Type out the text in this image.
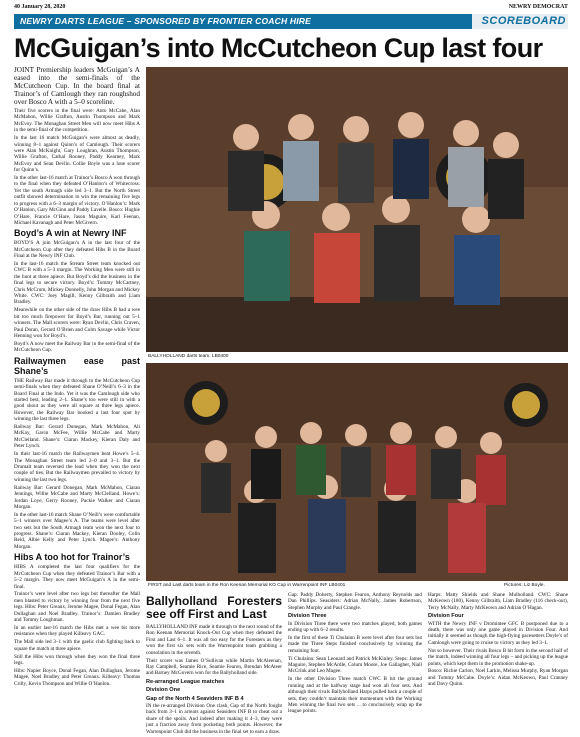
40 January 28, 2020	NEWRY DEMOCRAT
NEWRY DARTS LEAGUE – SPONSORED BY FRONTIER COACH HIRE	SCOREBOARD
McGuigan’s into McCutcheon Cup last four

JOINT Premiership leaders McGuigan’s A eased into the semi-finals of the McCutcheon Cup. In the board final at Trainor’s of Camlough they ran roughshod over Bosco A with a 5–0 scoreline.

Their five scorers in the final were: Anto McCabe, Alan McMahon, Willie Grafton, Austin Thompson and Mark McEvoy. The Monaghan Street Men will now meet Hibs A in the semi-final of the competition.

In the last 16 match McGuigan’s were almost as deadly, winning 8–1 against Quinn’s of Camlough. Their scorers were Alan McKnight, Gary Loughran, Austin Thompson, Willie Grafton, Cathal Rooney, Paddy Kearney, Mark McEvoy and Sean Devlin. Collie Boyle was a lone scorer for Quinn’s.

In the other last-16 match at Trainor’s Bosco A won through to the final when they defeated O’Hanlon’s of Whitecross. Yet the south Armagh side led 3–1. But the North Street outfit showed determination to win the remaining five legs to progress with a 6–3 margin of victory. O’Hanlon’s: Mark O’Hanlon, Gary McGinn and Paddy Lavelle. Bosco: Hughie O’Hare, Francie O’Hare, Jason Maguire, Karl Feenan, Michael Kavanagh and Peter McGivern.

Boyd’s A win at Newry INF

BOYD’S A join McGuigan’s A in the last four of the McCutcheon Cup after they defeated Hibs B in the Board Final at the Newry INF Club.

In the last-16 match the Stream Street team knocked out CWC B with a 5–3 margin. The Working Men were still in the hunt at three apiece. But Boyd’s did the business in the final legs to secure victory. Boyd’s: Tommy McCartney, Chris McCrum, Mickey Donnelly, John Morgan and Mickey White. CWC: Joey Magill, Kenny Gilbraith and Liam Bradley.

Meanwhile on the other side of the draw Hibs B had a wee bit too much firepower for Boyd’s Bar, running out 5–1 winners. The Mall scorers were: Ryan Devlin, Chris Craven, Paul Doran, Gerard O’Brien and Colm Savage while Victor Henning won for Boyd’s.

Boyd’s A now meet the Railway Bar in the semi-final of the McCutcheon Cup.

Railwaymen ease past Shane’s

THE Railway Bar made it through to the McCutcheon Cup semi-finals when they defeated Shane O’Neill’s 6–3 in the Board Final at the Indo. Yet it was the Camlough side who started best, leading 2–1. Shane’s too were still in with a good shout as they were all square at three legs apiece. However, the Railway Bar booked a last four spot by winning the last three legs.

Railway Bar: Gerard Donegan, Mark McMahon, Ali McKay, Gavin McFee, Willie McCabe and Marty McClelland. Shane’s: Ciaran Mackey, Kieran Daly and Peter Lynch.

In their last-16 match the Railwaymen beat Howe’s 5–4. The Monaghan Street team led 2–0 and 3–1. But the Drumalt team reversed the lead when they won the next couple of ties. But the Railwaymen prevailed to victory by winning the last two legs.

Railway Bar: Gerard Donegan, Mark McMahon, Ciaran Jennings, Willie McCabe and Marty McClelland. Howe’s: Jordan Loye, Gerry Rooney, Packie Walker and Ciaran Morgan.

In the other last-16 match Shane O’Neill’s were comfortable 5–1 winners over Magee’s A. The teams were level after two sets but the South Armagh team won the next four to progress. Shane’s: Ciaran Mackey, Kieran Dooley, Colin Reid, Albie Kelly and Peter Lynch. Magee’s: Anthony Morgan.

Hibs A too hot for Trainor’s

HIBS A completed the last four qualifiers for the McCutcheon Cup when they defeated Trainor’s Bar with a 5–2 margin. They now meet McGuigan’s A in the semi-final.

Trainor’s were level after two legs but thereafter the Mall men blasted to victory by winning four from the next five legs. Hibs: Peter Greaux, Jerome Magee, Donal Fegan, Alan Dullaghan and Noel Bradley. Trainor’s: Damien Bradley and Tommy Loughman.

In an earlier last-16 match the Hibs met a wee bit more resistance when they played Killeavy GAC.

The Mall side led 3–1 with the gaelic club fighting back to square the match at three apiece.

Still the Hibs won through when they won the final three legs.

Hibs: Napier Boyce, Donal Fegan, Alan Dullaghan, Jerome Magee, Noel Bradley and Peter Greaux. Killeavy: Thomas Crilly, Kevin Thompson and Willie O’Hanlon.

BALLYHOLLAND darts team. LB0400
FIRST and Last darts team in the Ron Keenan Memorial KO Cup in Warrenpoint INF LB0401	Pictures: Liz Boyle.
Ballyholland Foresters see off First and Last

BALLYHOLLAND INF made it through to the next round of the Ron Keenan Memorial Knock-Out Cup when they defeated the First and Last 6–1. It was all too easy for the Foresters as they won the first six sets with the Warrenpoint team grabbing a consolation in the seventh.

Their scorer was James O’Sullivan while Martin McAleenan, Ray Campbell, Seamie Rice, Seamie Fearon, Brendan McAteer and Barney McGovern won for the Ballyholland side.

Re-arranged League matches
Division One
Gap of the North 4 Seaviders INF B 4

IN the re-arranged Division One clash, Gap of the North fought back from 3–1 in arrears against Seasiders INF B to cheat out a share of the spoils. And indeed after making it 4–3, they were just a fraction away from pocketing both points. However, the Warrenpoint Club did the business in the final set to earn a draw.

Gap: Paddy Doherty, Stephen Fearon, Anthony Reynolds and Dan Phillips. Seasiders: Adrian McNally, James Robertson, Stephen Murphy and Paul Crangle.

Division Three

In Division Three there were two matches played, both games ending up with 6–2 results.

In the first of these Tí Chulainn B were level after four sets but made the Three Steps finished conclusively by winning the remaining four.

Tí Chulainn: Sean Leonard and Patrick McKinley. Steps: James Maguire, Stephen McArdle, Colum Moore, Joe Gallagher, Niall McCrink and Leo Magee.

In the other Division Three match CWC B hit the ground running and at the halfway stage had won all four sets. And although their rivals Ballyholland Harps pulled back a couple of sets, they couldn’t maintain their momentum with the Working Men winning the final two sets ... to conclusively wrap up the league points.

Harps: Matty Shields and Shane Mulholland. CWC: Shane McKeown (180), Kenny Gilbraith, Liam Bradley (116 check-out), Terry McNally, Marty McKeown and Adrian O’Hagan.

Division Four

WITH the Newry INF v Dromintee GFC B postponed due to a death, there was only one game played in Division Four. And initially it seemed as though the high-flying pacesetters Doyle’s of Camlough were going to cruise to victory as they led 3–1.

Not so however. Their rivals Bosco B hit form in the second half of the match, indeed winning all four legs – and picking up the league points, which kept them in the promotion shake-up.

Bosco: Richie Carlon, Noel Larkin, Melissa Murphy, Ryan Morgan and Tommy McCabe. Doyle’s: Aidan McKeown, Paul Cranney and Davy Quinn.
